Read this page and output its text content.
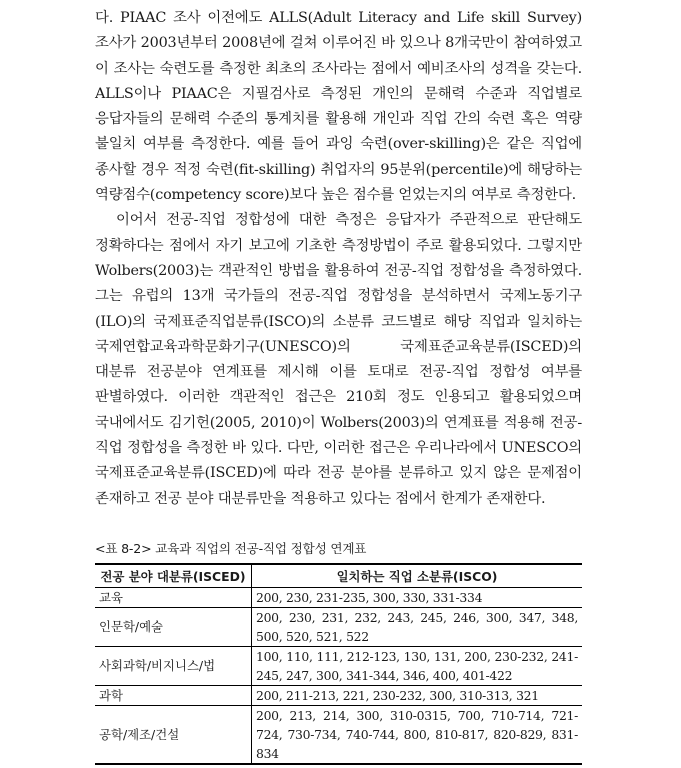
다. PIAAC 조사 이전에도 ALLS(Adult Literacy and Life skill Survey) 조사가 2003년부터 2008년에 걸쳐 이루어진 바 있으나 8개국만이 참여하였고 이 조사는 숙련도를 측정한 최초의 조사라는 점에서 예비조사의 성격을 갖는다. ALLS이나 PIAAC은 지필검사로 측정된 개인의 문해력 수준과 직업별로 응답자들의 문해력 수준의 통계치를 활용해 개인과 직업 간의 숙련 혹은 역량 불일치 여부를 측정한다. 예를 들어 과잉 숙련(over-skilling)은 같은 직업에 종사할 경우 적정 숙련(fit-skilling) 취업자의 95분위(percentile)에 해당하는 역량점수(competency score)보다 높은 점수를 얻었는지의 여부로 측정한다.

이어서 전공-직업 정합성에 대한 측정은 응답자가 주관적으로 판단해도 정확하다는 점에서 자기 보고에 기초한 측정방법이 주로 활용되었다. 그렇지만 Wolbers(2003)는 객관적인 방법을 활용하여 전공-직업 정합성을 측정하였다. 그는 유럽의 13개 국가들의 전공-직업 정합성을 분석하면서 국제노동기구(ILO)의 국제표준직업분류(ISCO)의 소분류 코드별로 해당 직업과 일치하는 국제연합교육과학문화기구(UNESCO)의 국제표준교육분류(ISCED)의 대분류 전공분야 연계표를 제시해 이를 토대로 전공-직업 정합성 여부를 판별하였다. 이러한 객관적인 접근은 210회 정도 인용되고 활용되었으며 국내에서도 김기헌(2005, 2010)이 Wolbers(2003)의 연계표를 적용해 전공-직업 정합성을 측정한 바 있다. 다만, 이러한 접근은 우리나라에서 UNESCO의 국제표준교육분류(ISCED)에 따라 전공 분야를 분류하고 있지 않은 문제점이 존재하고 전공 분야 대분류만을 적용하고 있다는 점에서 한계가 존재한다.

<표 8-2> 교육과 직업의 전공-직업 정합성 연계표
전공 분야 대분류(ISCED)	일치하는 직업 소분류(ISCO)
교육	200, 230, 231-235, 300, 330, 331-334
인문학/예술	200, 230, 231, 232, 243, 245, 246, 300, 347, 348, 500, 520, 521, 522
사회과학/비지니스/법	100, 110, 111, 212-123, 130, 131, 200, 230-232, 241-245, 247, 300, 341-344, 346, 400, 401-422
과학	200, 211-213, 221, 230-232, 300, 310-313, 321
공학/제조/건설	200, 213, 214, 300, 310-0315, 700, 710-714, 721-724, 730-734, 740-744, 800, 810-817, 820-829, 831-834
